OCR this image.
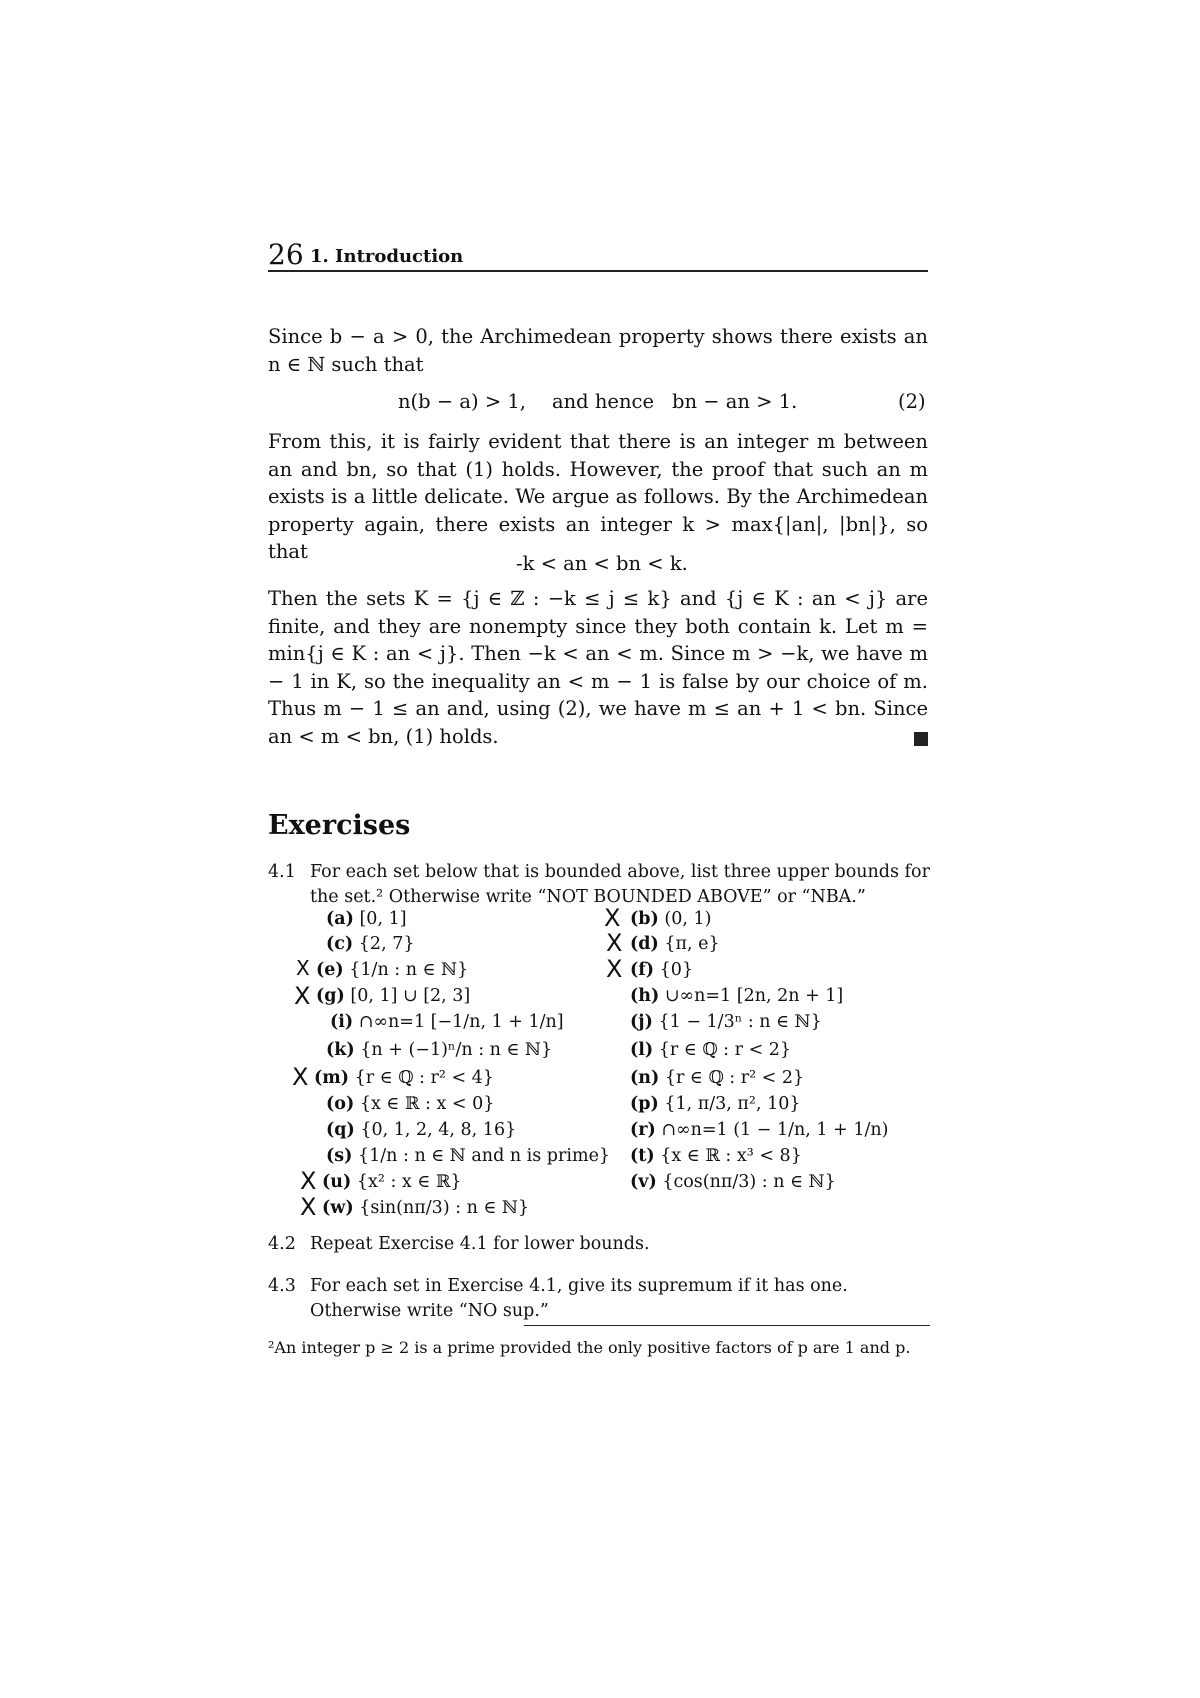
26 1. Introduction
Since b − a > 0, the Archimedean property shows there exists an n ∈ ℕ such that
n(b − a) > 1, and hence bn − an > 1.	(2)
From this, it is fairly evident that there is an integer m between an and bn, so that (1) holds. However, the proof that such an m exists is a little delicate. We argue as follows. By the Archimedean property again, there exists an integer k > max{|an|, |bn|}, so that
-k < an < bn < k.
Then the sets K = {j ∈ ℤ : −k ≤ j ≤ k} and {j ∈ K : an < j} are finite, and they are nonempty since they both contain k. Let m = min{j ∈ K : an < j}. Then −k < an < m. Since m > −k, we have m − 1 in K, so the inequality an < m − 1 is false by our choice of m. Thus m − 1 ≤ an and, using (2), we have m ≤ an + 1 < bn. Since an < m < bn, (1) holds.
Exercises
4.1 For each set below that is bounded above, list three upper bounds for the set.² Otherwise write “NOT BOUNDED ABOVE” or “NBA.”
(a) [0, 1]
(c) {2, 7}
(e) {1/n : n ∈ ℕ}
(g) [0, 1] ∪ [2, 3]
(i) ∩∞n=1 [−1/n, 1 + 1/n]
(k) {n + (−1)ⁿ/n : n ∈ ℕ}
(m) {r ∈ ℚ : r² < 4}
(o) {x ∈ ℝ : x < 0}
(q) {0, 1, 2, 4, 8, 16}
(s) {1/n : n ∈ ℕ and n is prime}
(u) {x² : x ∈ ℝ}
(w) {sin(nπ/3) : n ∈ ℕ}
(b) (0, 1)
(d) {π, e}
(f) {0}
(h) ∪∞n=1 [2n, 2n + 1]
(j) {1 − 1/3ⁿ : n ∈ ℕ}
(l) {r ∈ ℚ : r < 2}
(n) {r ∈ ℚ : r² < 2}
(p) {1, π/3, π², 10}
(r) ∩∞n=1 (1 − 1/n, 1 + 1/n)
(t) {x ∈ ℝ : x³ < 8}
(v) {cos(nπ/3) : n ∈ ℕ}
X
X
X	X
X
X
X
X
4.2 Repeat Exercise 4.1 for lower bounds.
4.3 For each set in Exercise 4.1, give its supremum if it has one. Otherwise write “NO sup.”
²An integer p ≥ 2 is a prime provided the only positive factors of p are 1 and p.
